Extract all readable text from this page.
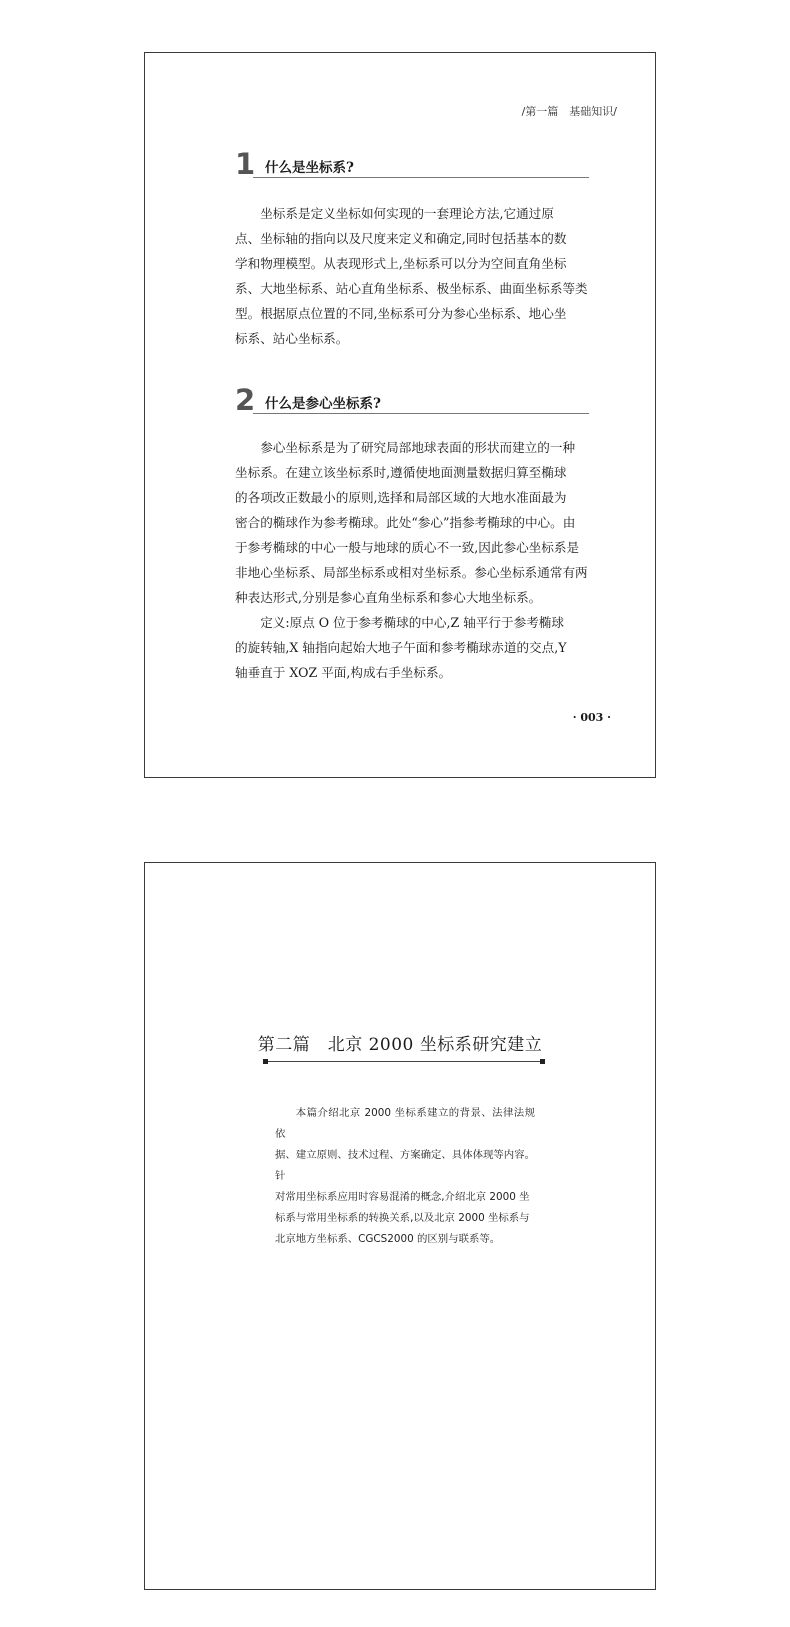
/第一篇　基础知识/
1 什么是坐标系?

坐标系是定义坐标如何实现的一套理论方法,它通过原
点、坐标轴的指向以及尺度来定义和确定,同时包括基本的数
学和物理模型。从表现形式上,坐标系可以分为空间直角坐标
系、大地坐标系、站心直角坐标系、极坐标系、曲面坐标系等类
型。根据原点位置的不同,坐标系可分为参心坐标系、地心坐
标系、站心坐标系。

2 什么是参心坐标系?

参心坐标系是为了研究局部地球表面的形状而建立的一种
坐标系。在建立该坐标系时,遵循使地面测量数据归算至椭球
的各项改正数最小的原则,选择和局部区域的大地水准面最为
密合的椭球作为参考椭球。此处“参心”指参考椭球的中心。由
于参考椭球的中心一般与地球的质心不一致,因此参心坐标系是
非地心坐标系、局部坐标系或相对坐标系。参心坐标系通常有两
种表达形式,分别是参心直角坐标系和参心大地坐标系。

定义:原点 O 位于参考椭球的中心,Z 轴平行于参考椭球
的旋转轴,X 轴指向起始大地子午面和参考椭球赤道的交点,Y
轴垂直于 XOZ 平面,构成右手坐标系。

· 003 ·
第二篇　北京 2000 坐标系研究建立

本篇介绍北京 2000 坐标系建立的背景、法律法规依
据、建立原则、技术过程、方案确定、具体体现等内容。针
对常用坐标系应用时容易混淆的概念,介绍北京 2000 坐
标系与常用坐标系的转换关系,以及北京 2000 坐标系与
北京地方坐标系、CGCS2000 的区别与联系等。
